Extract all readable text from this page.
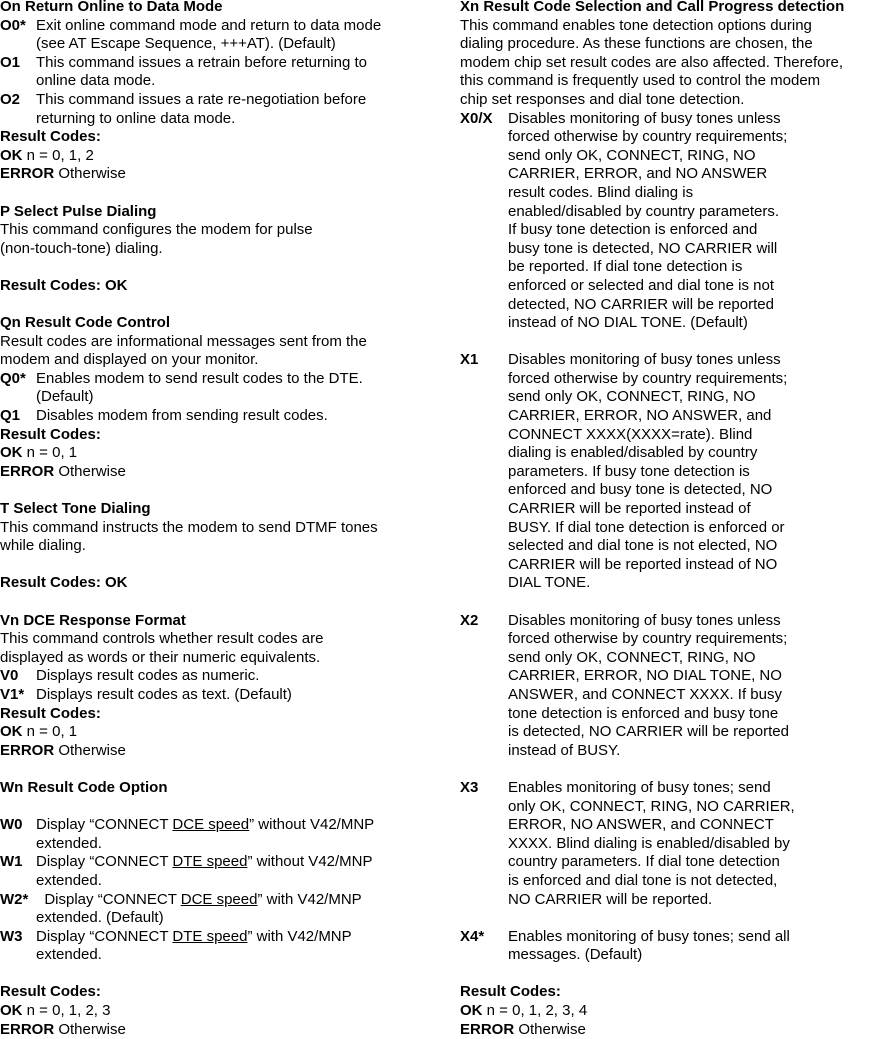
On Return Online to Data Mode
O0* Exit online command mode and return to data mode
(see AT Escape Sequence, +++AT). (Default)
O1	This command issues a retrain before returning to
online data mode.
O2	This command issues a rate re-negotiation before
returning to online data mode.
Result Codes:
OK n = 0, 1, 2
ERROR Otherwise
P Select Pulse Dialing
This command configures the modem for pulse
(non-touch-tone) dialing.
Result Codes: OK
Qn Result Code Control
Result codes are informational messages sent from the
modem and displayed on your monitor.
Q0* Enables modem to send result codes to the DTE.
(Default)
Q1	Disables modem from sending result codes.
Result Codes:
OK n = 0, 1
ERROR Otherwise
T Select Tone Dialing
This command instructs the modem to send DTMF tones
while dialing.
Result Codes: OK
Vn DCE Response Format
This command controls whether result codes are
displayed as words or their numeric equivalents.
V0	Displays result codes as numeric.
V1* Displays result codes as text. (Default)
Result Codes:
OK n = 0, 1
ERROR Otherwise
Wn Result Code Option
W0 Display “CONNECT DCE speed” without V42/MNP
extended.
W1 Display “CONNECT DTE speed” without V42/MNP
extended.
W2*	Display “CONNECT DCE speed” with V42/MNP
extended. (Default)
W3 Display “CONNECT DTE speed” with V42/MNP
extended.
Result Codes:
OK n = 0, 1, 2, 3
ERROR Otherwise
Xn Result Code Selection and Call Progress detection
This command enables tone detection options during
dialing procedure. As these functions are chosen, the
modem chip set result codes are also affected. Therefore,
this command is frequently used to control the modem
chip set responses and dial tone detection.
X0/X	Disables monitoring of busy tones unless
forced otherwise by country requirements;
send only OK, CONNECT, RING, NO
CARRIER, ERROR, and NO ANSWER
result codes. Blind dialing is
enabled/disabled by country parameters.
If busy tone detection is enforced and
busy tone is detected, NO CARRIER will
be reported. If dial tone detection is
enforced or selected and dial tone is not
detected, NO CARRIER will be reported
instead of NO DIAL TONE. (Default)
X1	Disables monitoring of busy tones unless
forced otherwise by country requirements;
send only OK, CONNECT, RING, NO
CARRIER, ERROR, NO ANSWER, and
CONNECT XXXX(XXXX=rate). Blind
dialing is enabled/disabled by country
parameters. If busy tone detection is
enforced and busy tone is detected, NO
CARRIER will be reported instead of
BUSY. If dial tone detection is enforced or
selected and dial tone is not elected, NO
CARRIER will be reported instead of NO
DIAL TONE.
X2	Disables monitoring of busy tones unless
forced otherwise by country requirements;
send only OK, CONNECT, RING, NO
CARRIER, ERROR, NO DIAL TONE, NO
ANSWER, and CONNECT XXXX. If busy
tone detection is enforced and busy tone
is detected, NO CARRIER will be reported
instead of BUSY.
X3	Enables monitoring of busy tones; send
only OK, CONNECT, RING, NO CARRIER,
ERROR, NO ANSWER, and CONNECT
XXXX. Blind dialing is enabled/disabled by
country parameters. If dial tone detection
is enforced and dial tone is not detected,
NO CARRIER will be reported.
X4*	Enables monitoring of busy tones; send all
messages. (Default)
Result Codes:
OK n = 0, 1, 2, 3, 4
ERROR Otherwise
